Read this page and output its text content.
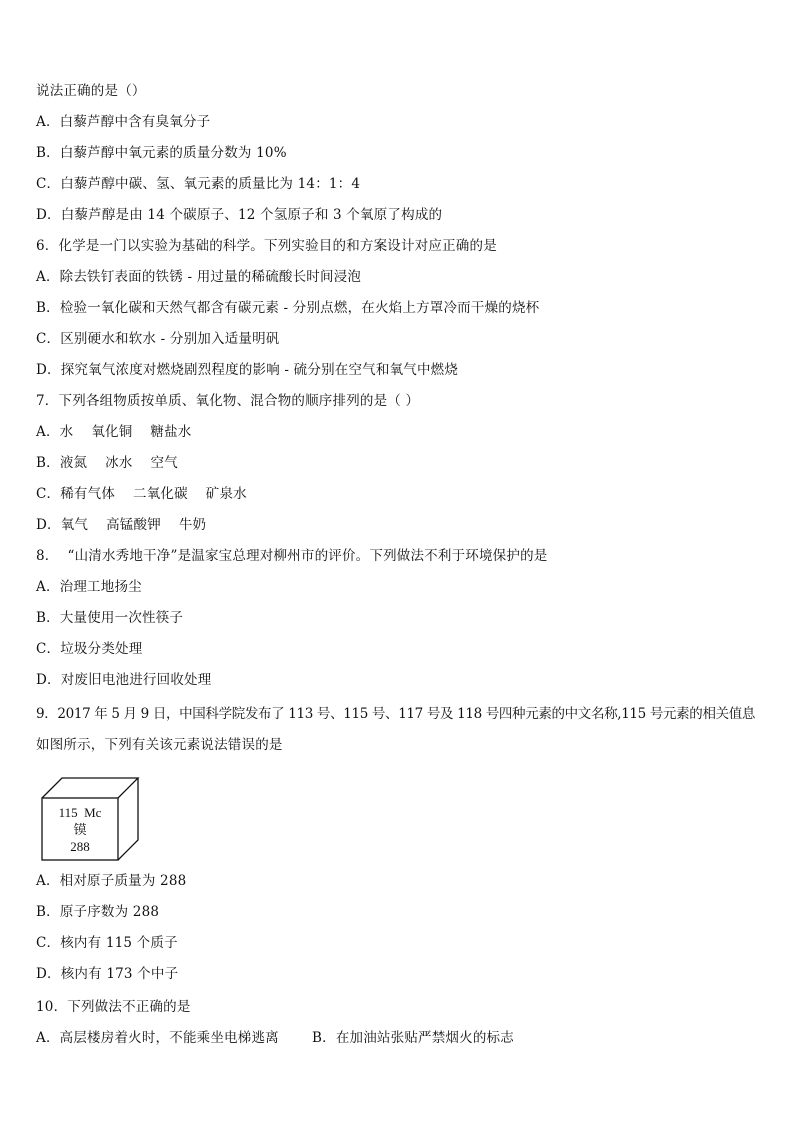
说法正确的是（）
A．白藜芦醇中含有臭氧分子
B．白藜芦醇中氧元素的质量分数为 10%
C．白藜芦醇中碳、氢、氧元素的质量比为 14：1：4
D．白藜芦醇是由 14 个碳原子、12 个氢原子和 3 个氧原了构成的
6．化学是一门以实验为基础的科学。下列实验目的和方案设计对应正确的是
A．除去铁钉表面的铁锈 - 用过量的稀硫酸长时间浸泡
B．检验一氧化碳和天然气都含有碳元素 - 分别点燃，在火焰上方罩冷而干燥的烧杯
C．区别硬水和软水 - 分别加入适量明矾
D．探究氧气浓度对燃烧剧烈程度的影响 - 硫分别在空气和氧气中燃烧
7．下列各组物质按单质、氧化物、混合物的顺序排列的是（ ）
A．水    氧化铜    糖盐水
B．液氮    冰水    空气
C．稀有气体    二氧化碳    矿泉水
D．氧气    高锰酸钾    牛奶
8．  “山清水秀地干净”是温家宝总理对柳州市的评价。下列做法不利于环境保护的是
A．治理工地扬尘
B．大量使用一次性筷子
C．垃圾分类处理
D．对废旧电池进行回收处理
9．2017 年 5 月 9 日，中国科学院发布了 113 号、115 号、117 号及 118 号四种元素的中文名称,115 号元素的相关值息
如图所示，下列有关该元素说法错误的是
115  Mc
镆
288
A．相对原子质量为 288
B．原子序数为 288
C．核内有 115 个质子
D．核内有 173 个中子
10．下列做法不正确的是
A．高层楼房着火时，不能乘坐电梯逃离 B．在加油站张贴严禁烟火的标志
